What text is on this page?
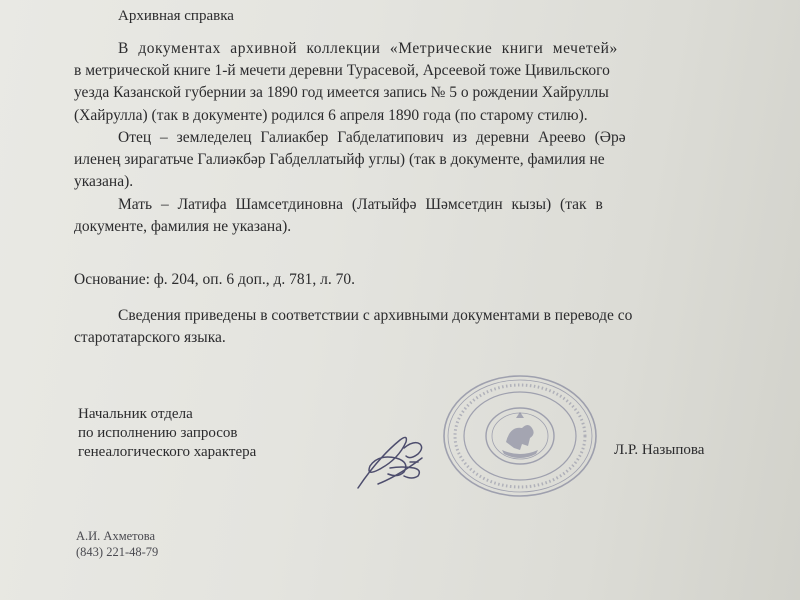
Архивная справка
В документах архивной коллекции «Метрические книги мечетей»
в метрической книге 1-й мечети деревни Турасевой, Арсеевой тоже Цивильского
уезда Казанской губернии за 1890 год имеется запись № 5 о рождении Хайруллы
(Хайрулла) (так в документе) родился 6 апреля 1890 года (по старому стилю).
Отец – земледелец Галиакбер Габделатипович из деревни Ареево (Әрә
иленең зирагатьче Галиәкбәр Габделлатыйф углы) (так в документе, фамилия не
указана).
Мать – Латифа Шамсетдиновна (Латыйфә Шәмсетдин кызы) (так в
документе, фамилия не указана).
Основание: ф. 204, оп. 6 доп., д. 781, л. 70.
Сведения приведены в соответствии с архивными документами в переводе со
старотатарского языка.
Начальник отдела
по исполнению запросов
генеалогического характера	Л.Р. Назыпова
А.И. Ахметова
(843) 221-48-79
